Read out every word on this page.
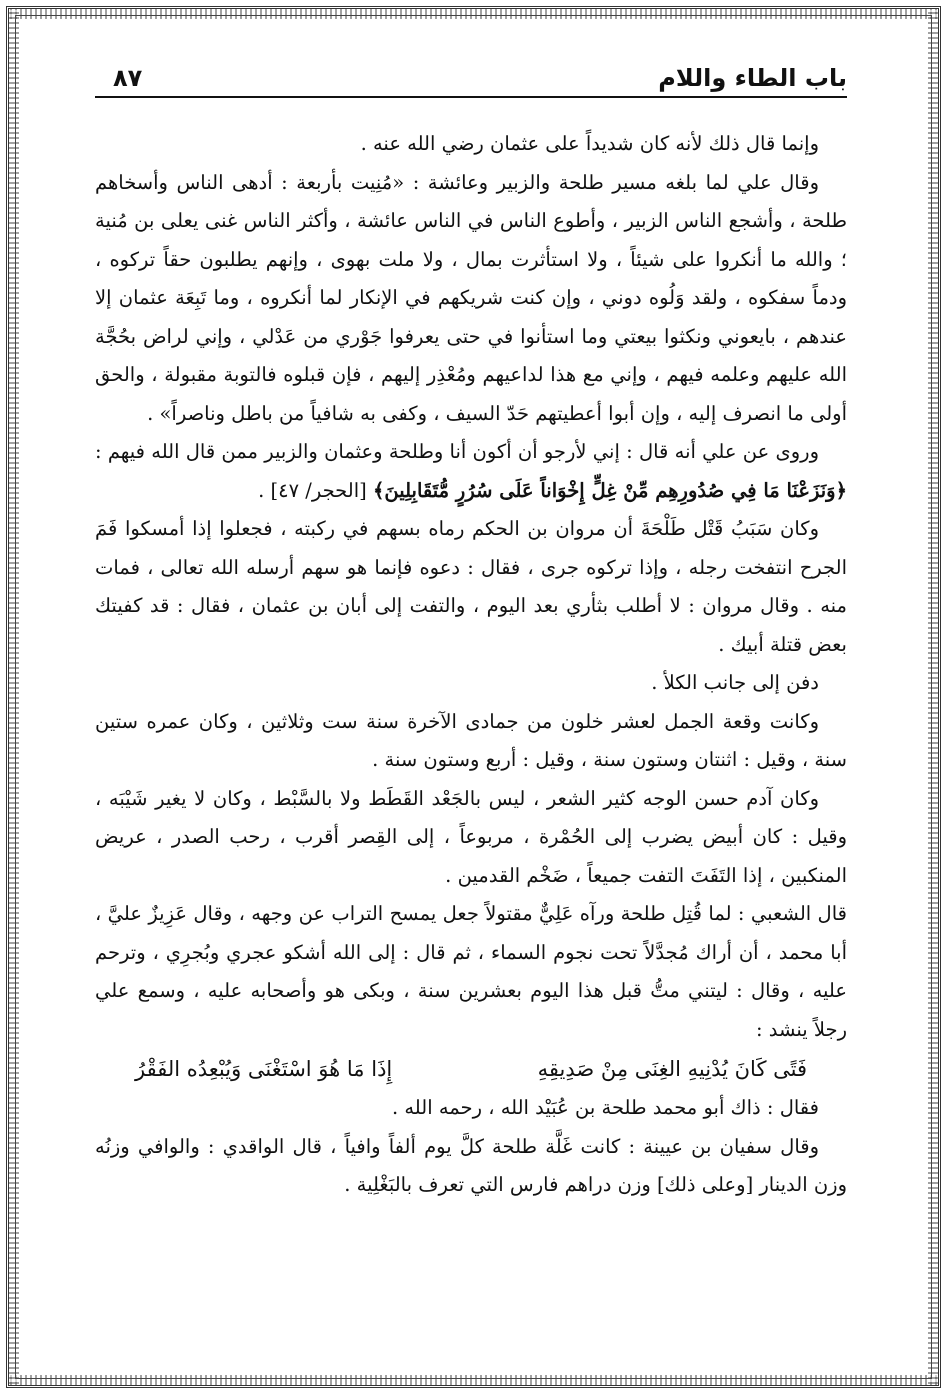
٨٧	باب الطاء واللام

وإنما قال ذلك لأنه كان شديداً على عثمان رضي الله عنه .

وقال علي لما بلغه مسير طلحة والزبير وعائشة : «مُنِيت بأربعة : أدهى الناس وأسخاهم طلحة ، وأشجع الناس الزبير ، وأطوع الناس في الناس عائشة ، وأكثر الناس غنى يعلى بن مُنية ؛ والله ما أنكروا على شيئاً ، ولا استأثرت بمال ، ولا ملت بهوى ، وإنهم يطلبون حقاً تركوه ، ودماً سفكوه ، ولقد وَلُوه دوني ، وإن كنت شريكهم في الإنكار لما أنكروه ، وما تَبِعَة عثمان إلا عندهم ، بايعوني ونكثوا بيعتي وما استأنوا في حتى يعرفوا جَوْري من عَدْلي ، وإني لراض بحُجَّة الله عليهم وعلمه فيهم ، وإني مع هذا لداعيهم ومُعْذِر إليهم ، فإن قبلوه فالتوبة مقبولة ، والحق أولى ما انصرف إليه ، وإن أبوا أعطيتهم حَدّ السيف ، وكفى به شافياً من باطل وناصراً» .

وروى عن علي أنه قال : إني لأرجو أن أكون أنا وطلحة وعثمان والزبير ممن قال الله فيهم : ﴿وَنَزَعْنَا مَا فِي صُدُورِهِم مِّنْ غِلٍّ إِخْوَاناً عَلَى سُرُرٍ مُّتَقَابِلِينَ﴾ [الحجر/ ٤٧] .

وكان سَبَبُ قَتْل طَلْحَةَ أن مروان بن الحكم رماه بسهم في ركبته ، فجعلوا إذا أمسكوا فَمَ الجرح انتفخت رجله ، وإذا تركوه جرى ، فقال : دعوه فإنما هو سهم أرسله الله تعالى ، فمات منه . وقال مروان : لا أطلب بثأري بعد اليوم ، والتفت إلى أبان بن عثمان ، فقال : قد كفيتك بعض قتلة أبيك .

دفن إلى جانب الكلأ .

وكانت وقعة الجمل لعشر خلون من جمادى الآخرة سنة ست وثلاثين ، وكان عمره ستين سنة ، وقيل : اثنتان وستون سنة ، وقيل : أربع وستون سنة .

وكان آدم حسن الوجه كثير الشعر ، ليس بالجَعْد القَطَط ولا بالسَّبْط ، وكان لا يغير شَيْبَه ، وقيل : كان أبيض يضرب إلى الحُمْرة ، مربوعاً ، إلى القِصر أقرب ، رحب الصدر ، عريض المنكبين ، إذا التَفَتَ التفت جميعاً ، ضَخْم القدمين .

قال الشعبي : لما قُتِل طلحة ورآه عَلِيٌّ مقتولاً جعل يمسح التراب عن وجهه ، وقال عَزِيزٌ عليَّ ، أبا محمد ، أن أراك مُجدَّلاً تحت نجوم السماء ، ثم قال : إلى الله أشكو عجري وبُجرِي ، وترحم عليه ، وقال : ليتني متُّ قبل هذا اليوم بعشرين سنة ، وبكى هو وأصحابه عليه ، وسمع علي رجلاً ينشد :

فَتًى كَانَ يُدْنِيهِ الغِنَى مِنْ صَدِيقِهِ
إِذَا مَا هُوَ اسْتَغْنَى وَيُبْعِدُه الفَقْرُ

فقال : ذاك أبو محمد طلحة بن عُبَيْد الله ، رحمه الله .

وقال سفيان بن عيينة : كانت غَلَّة طلحة كلَّ يوم ألفاً وافياً ، قال الواقدي : والوافي وزنُه وزن الدينار [وعلى ذلك] وزن دراهم فارس التي تعرف بالبَغْلِية .
